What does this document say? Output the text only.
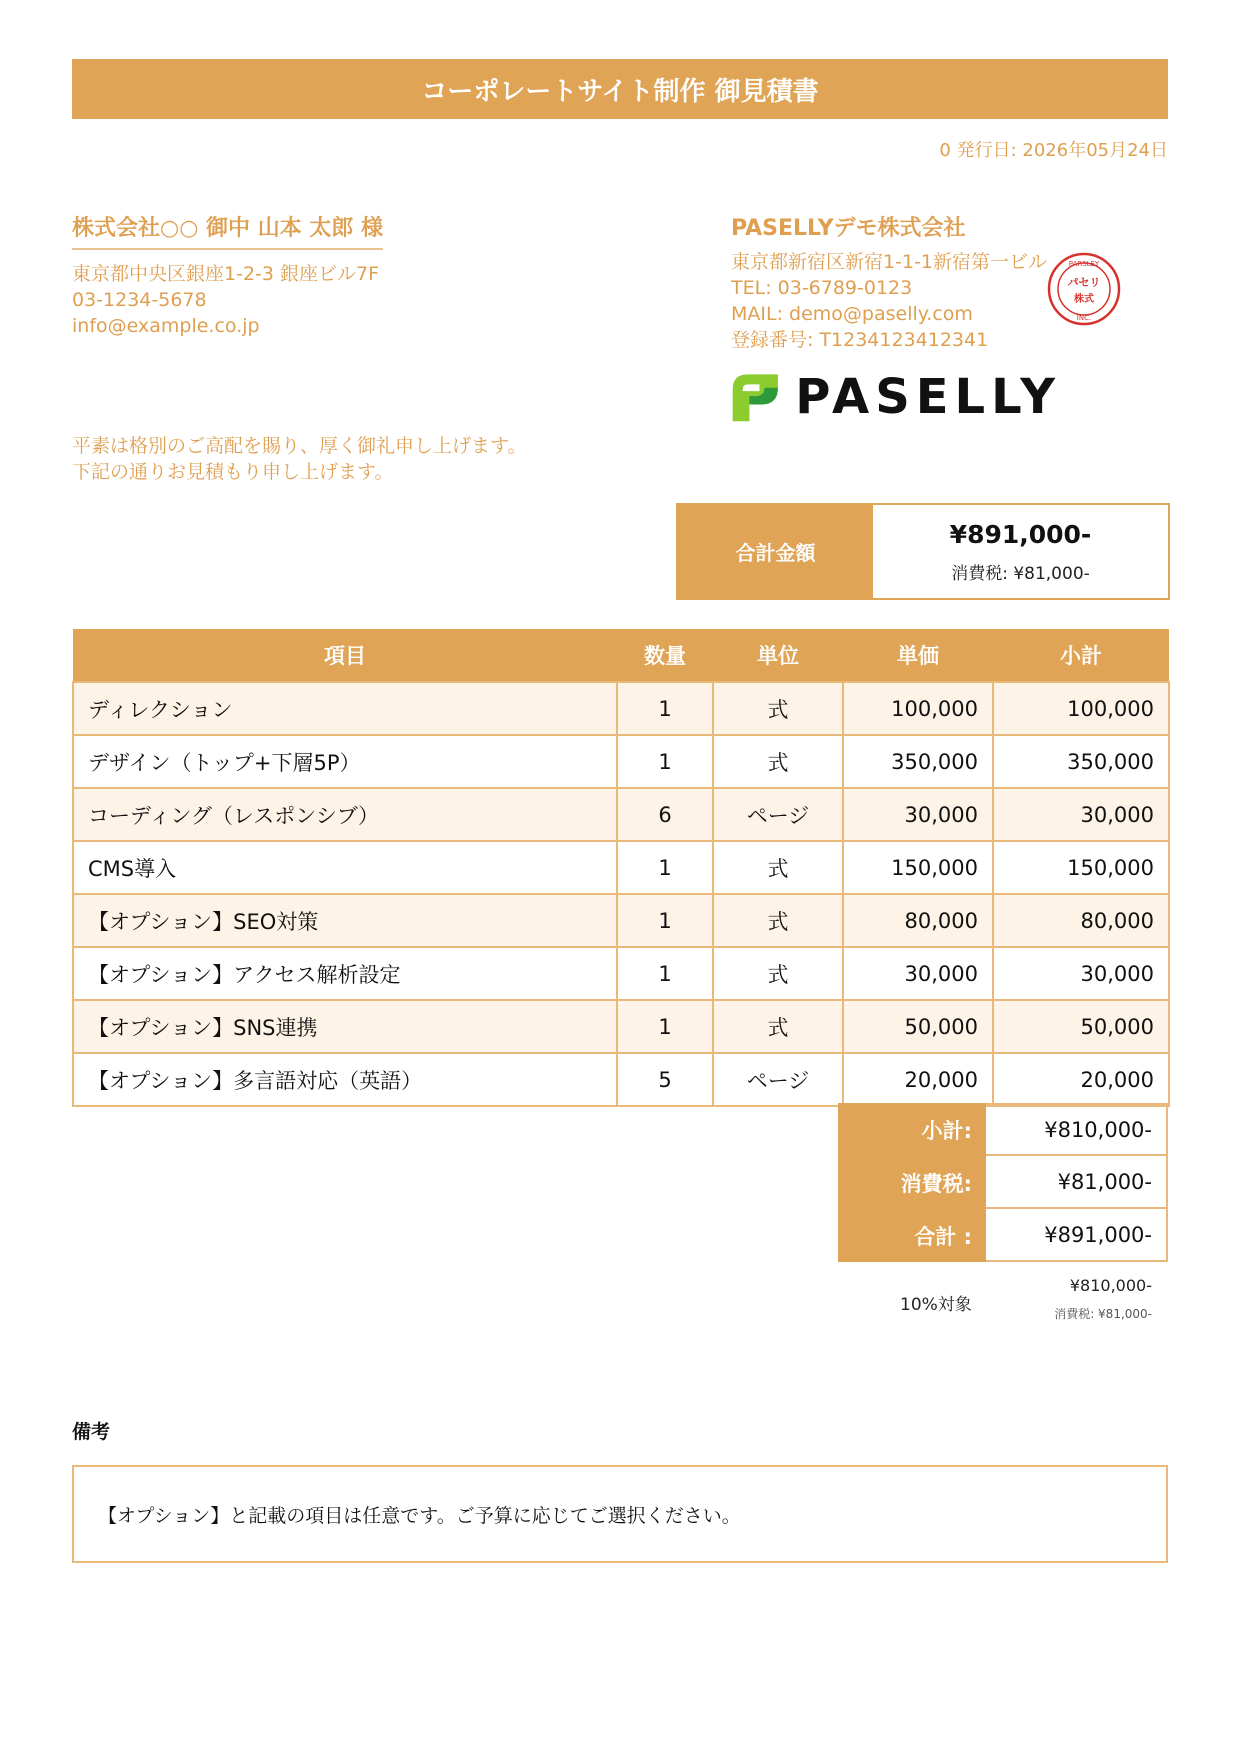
コーポレートサイト制作 御見積書
0 発行日: 2026年05月24日
株式会社○○ 御中 山本 太郎 様
東京都中央区銀座1-2-3 銀座ビル7F
03-1234-5678
info@example.co.jp
PASELLYデモ株式会社
東京都新宿区新宿1-1-1新宿第一ビル
TEL: 03-6789-0123
MAIL: demo@paselly.com
登録番号: T1234123412341
PARSLEY
パセリ
株式
INC.
PASELLY
平素は格別のご高配を賜り、厚く御礼申し上げます。
下記の通りお見積もり申し上げます。
合計金額
¥891,000-
消費税: ¥81,000-
項目	数量	単位	単価	小計
ディレクション	1	式	100,000	100,000
デザイン（トップ+下層5P）	1	式	350,000	350,000
コーディング（レスポンシブ）	6	ページ	30,000	30,000
CMS導入	1	式	150,000	150,000
【オプション】SEO対策	1	式	80,000	80,000
【オプション】アクセス解析設定	1	式	30,000	30,000
【オプション】SNS連携	1	式	50,000	50,000
【オプション】多言語対応（英語）	5	ページ	20,000	20,000
小計:	¥810,000-
消費税:	¥81,000-
合計 :	¥891,000-
10%対象
¥810,000-
消費税: ¥81,000-
備考
【オプション】と記載の項目は任意です。ご予算に応じてご選択ください。
